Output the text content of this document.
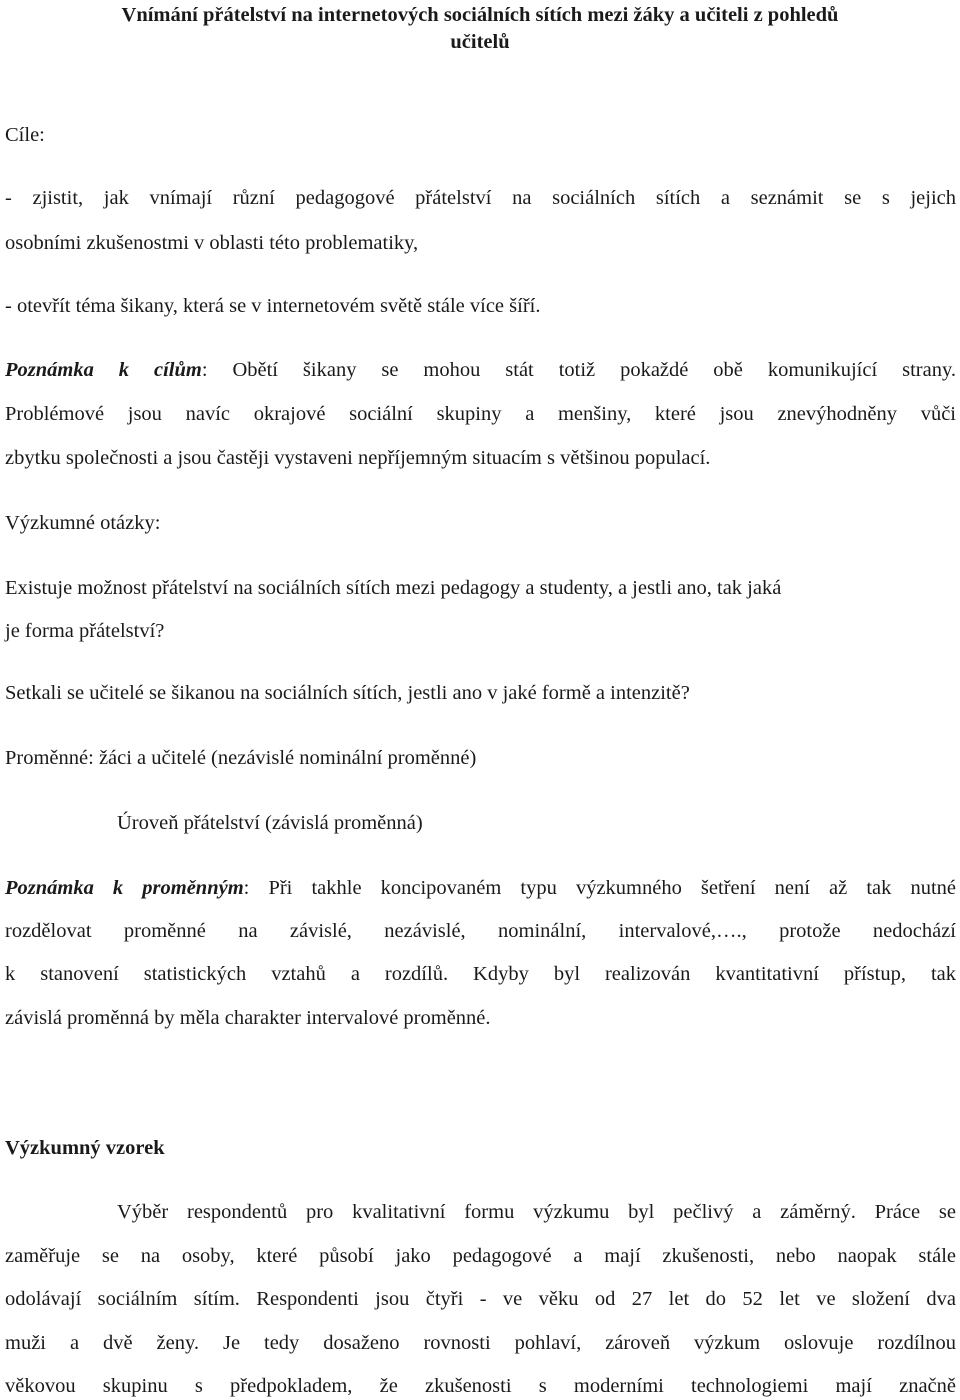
Vnímání přátelství na internetových sociálních sítích mezi žáky a učiteli z pohledů
učitelů
Cíle:
- zjistit, jak vnímají různí pedagogové přátelství na sociálních sítích a seznámit se s jejich
osobními zkušenostmi v oblasti této problematiky,
- otevřít téma šikany, která se v internetovém světě stále více šíří.
Poznámka k cílům: Obětí šikany se mohou stát totiž pokaždé obě komunikující strany.
Problémové jsou navíc okrajové sociální skupiny a menšiny, které jsou znevýhodněny vůči
zbytku společnosti a jsou častěji vystaveni nepříjemným situacím s většinou populací.
Výzkumné otázky:
Existuje možnost přátelství na sociálních sítích mezi pedagogy a studenty, a jestli ano, tak jaká
je forma přátelství?
Setkali se učitelé se šikanou na sociálních sítích, jestli ano v jaké formě a intenzitě?
Proměnné: žáci a učitelé (nezávislé nominální proměnné)
Úroveň přátelství (závislá proměnná)
Poznámka k proměnným: Při takhle koncipovaném typu výzkumného šetření není až tak nutné
rozdělovat proměnné na závislé, nezávislé, nominální, intervalové,…., protože nedochází
k stanovení statistických vztahů a rozdílů. Kdyby byl realizován kvantitativní přístup, tak
závislá proměnná by měla charakter intervalové proměnné.
Výzkumný vzorek
Výběr respondentů pro kvalitativní formu výzkumu byl pečlivý a záměrný. Práce se
zaměřuje se na osoby, které působí jako pedagogové a mají zkušenosti, nebo naopak stále
odolávají sociálním sítím. Respondenti jsou čtyři - ve věku od 27 let do 52 let ve složení dva
muži a dvě ženy. Je tedy dosaženo rovnosti pohlaví, zároveň výzkum oslovuje rozdílnou
věkovou skupinu s předpokladem, že zkušenosti s moderními technologiemi mají značně
